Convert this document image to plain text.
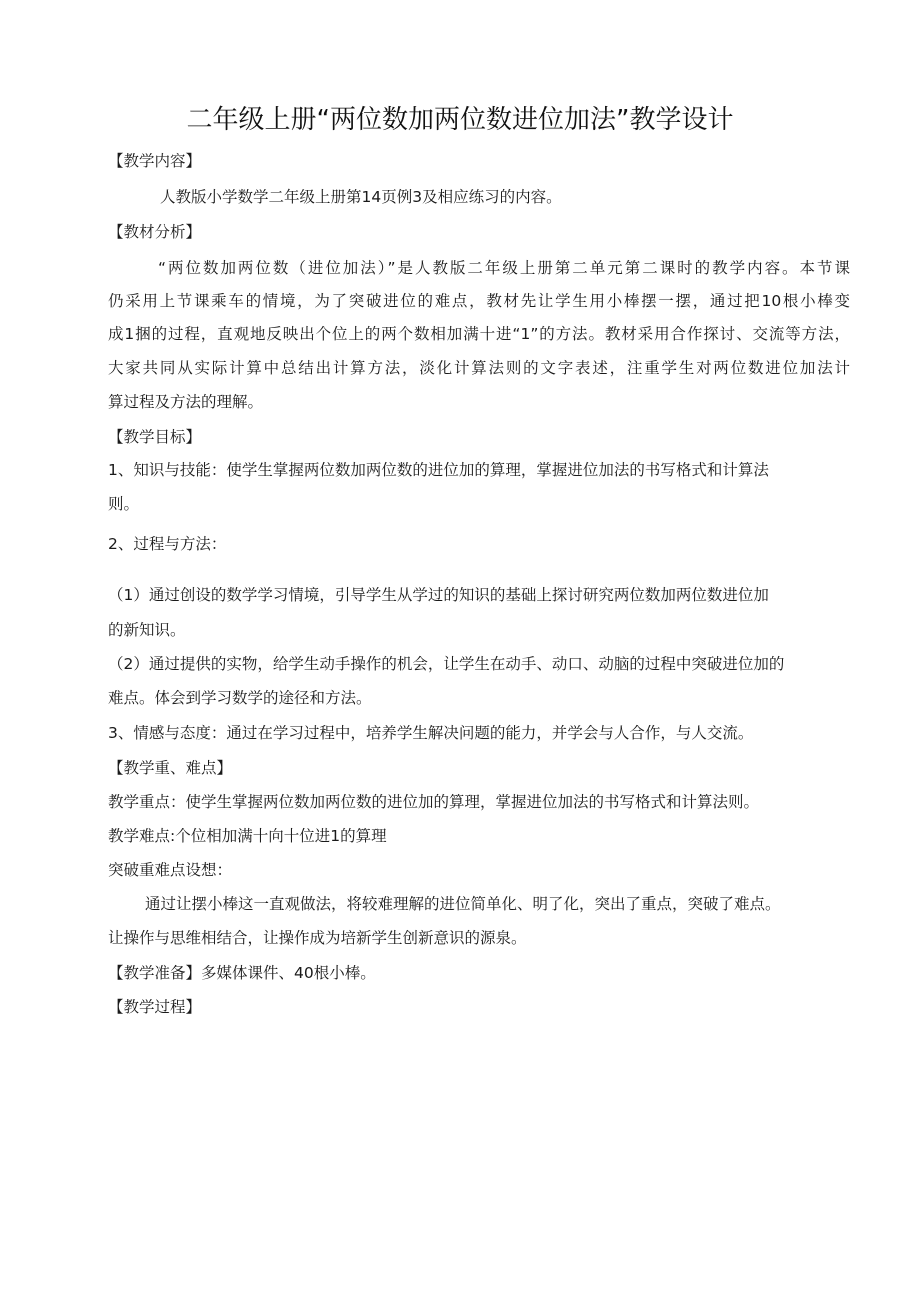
二年级上册“两位数加两位数进位加法”教学设计
【教学内容】
人教版小学数学二年级上册第14页例3及相应练习的内容。
【教材分析】
“两位数加两位数（进位加法）”是人教版二年级上册第二单元第二课时的教学内容。本节课
仍采用上节课乘车的情境，为了突破进位的难点，教材先让学生用小棒摆一摆，通过把10根小棒变
成1捆的过程，直观地反映出个位上的两个数相加满十进“1”的方法。教材采用合作探讨、交流等方法，
大家共同从实际计算中总结出计算方法，淡化计算法则的文字表述，注重学生对两位数进位加法计
算过程及方法的理解。
【教学目标】
1、知识与技能：使学生掌握两位数加两位数的进位加的算理，掌握进位加法的书写格式和计算法
则。
2、过程与方法：
（1）通过创设的数学学习情境，引导学生从学过的知识的基础上探讨研究两位数加两位数进位加
的新知识。
（2）通过提供的实物，给学生动手操作的机会，让学生在动手、动口、动脑的过程中突破进位加的
难点。体会到学习数学的途径和方法。
3、情感与态度：通过在学习过程中，培养学生解决问题的能力，并学会与人合作，与人交流。
【教学重、难点】
教学重点：使学生掌握两位数加两位数的进位加的算理，掌握进位加法的书写格式和计算法则。
教学难点:个位相加满十向十位进1的算理
突破重难点设想：
通过让摆小棒这一直观做法，将较难理解的进位简单化、明了化，突出了重点，突破了难点。
让操作与思维相结合，让操作成为培新学生创新意识的源泉。
【教学准备】多媒体课件、40根小棒。
【教学过程】
